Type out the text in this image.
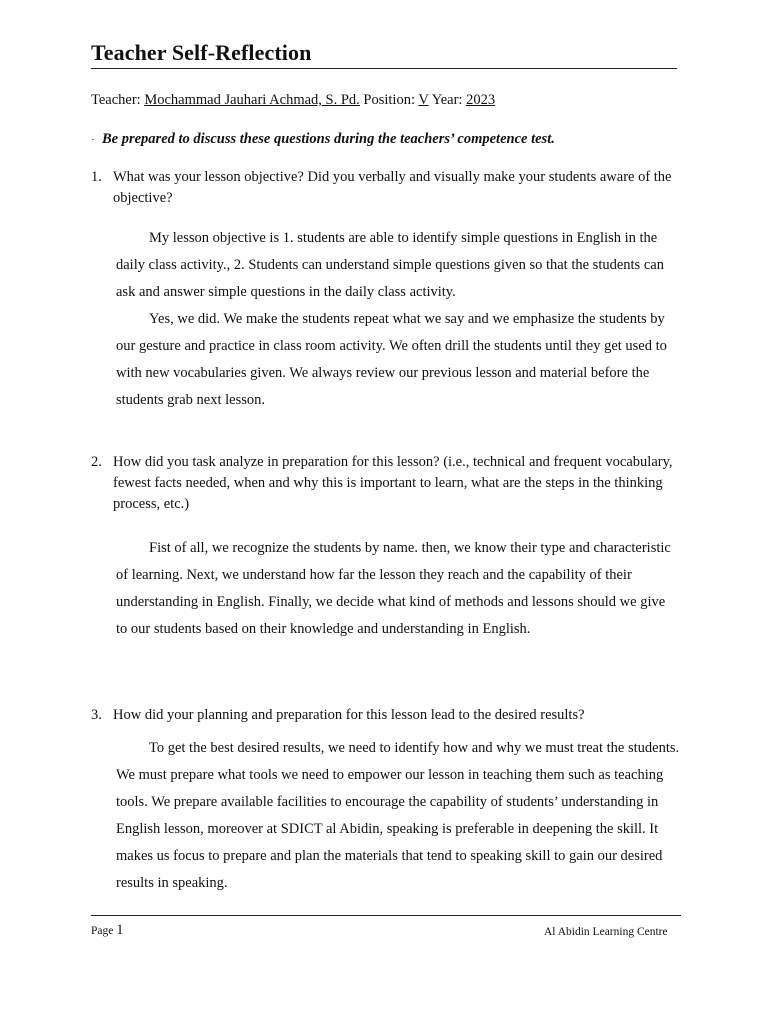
Teacher Self-Reflection
Teacher: Mochammad Jauhari Achmad, S. Pd. Position: V Year: 2023
· Be prepared to discuss these questions during the teachers’ competence test.
1. What was your lesson objective? Did you verbally and visually make your students aware of the objective?

My lesson objective is 1. students are able to identify simple questions in English in the daily class activity., 2. Students can understand simple questions given so that the students can ask and answer simple questions in the daily class activity.

Yes, we did. We make the students repeat what we say and we emphasize the students by our gesture and practice in class room activity. We often drill the students until they get used to with new vocabularies given. We always review our previous lesson and material before the students grab next lesson.

2. How did you task analyze in preparation for this lesson? (i.e., technical and frequent vocabulary, fewest facts needed, when and why this is important to learn, what are the steps in the thinking process, etc.)

Fist of all, we recognize the students by name. then, we know their type and characteristic of learning. Next, we understand how far the lesson they reach and the capability of their understanding in English. Finally, we decide what kind of methods and lessons should we give to our students based on their knowledge and understanding in English.

3. How did your planning and preparation for this lesson lead to the desired results?

To get the best desired results, we need to identify how and why we must treat the students. We must prepare what tools we need to empower our lesson in teaching them such as teaching tools. We prepare available facilities to encourage the capability of students’ understanding in English lesson, moreover at SDICT al Abidin, speaking is preferable in deepening the skill. It makes us focus to prepare and plan the materials that tend to speaking skill to gain our desired results in speaking.

Page 1	Al Abidin Learning Centre
